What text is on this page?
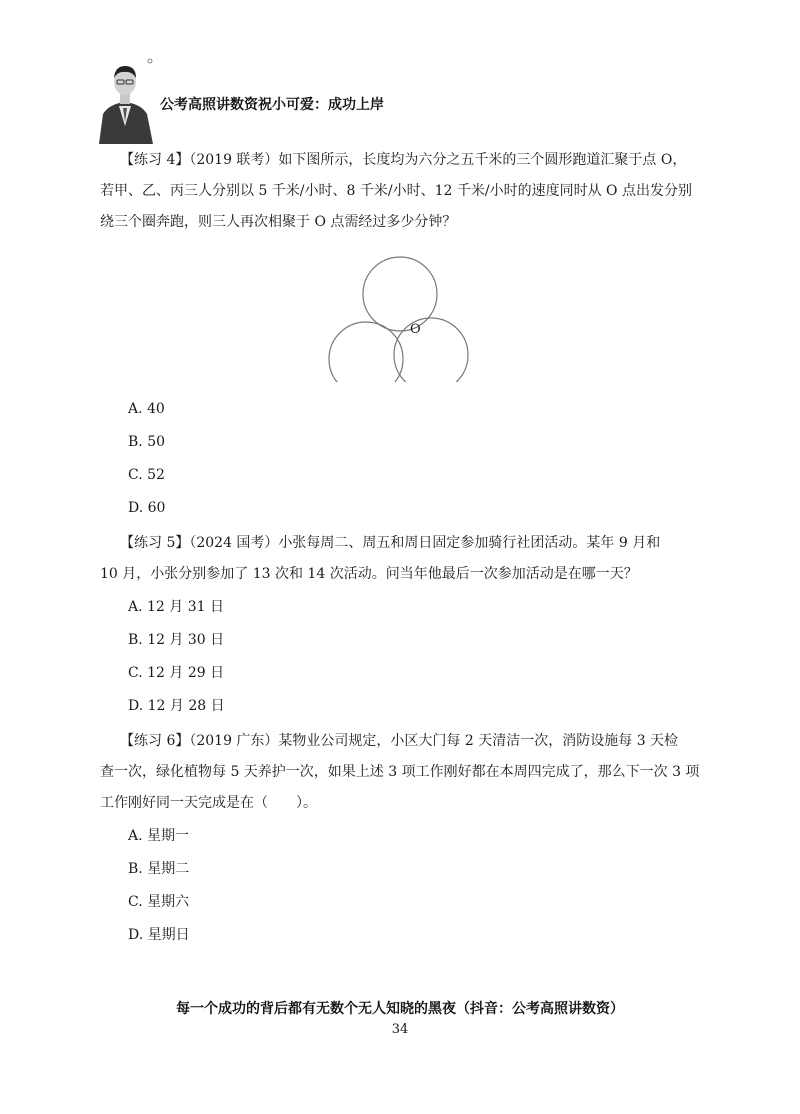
公考高照讲数资祝小可爱：成功上岸

【练习 4】（2019 联考）如下图所示，长度均为六分之五千米的三个圆形跑道汇聚于点 O，

若甲、乙、丙三人分别以 5 千米/小时、8 千米/小时、12 千米/小时的速度同时从 O 点出发分别

绕三个圈奔跑，则三人再次相聚于 O 点需经过多少分钟？

O
A. 40
B. 50
C. 52
D. 60

【练习 5】（2024 国考）小张每周二、周五和周日固定参加骑行社团活动。某年 9 月和

10 月，小张分别参加了 13 次和 14 次活动。问当年他最后一次参加活动是在哪一天？

A. 12 月 31 日
B. 12 月 30 日
C. 12 月 29 日
D. 12 月 28 日

【练习 6】（2019 广东）某物业公司规定，小区大门每 2 天清洁一次，消防设施每 3 天检

查一次，绿化植物每 5 天养护一次，如果上述 3 项工作刚好都在本周四完成了，那么下一次 3 项

工作刚好同一天完成是在（　　）。

A. 星期一
B. 星期二
C. 星期六
D. 星期日
每一个成功的背后都有无数个无人知晓的黑夜（抖音：公考高照讲数资）
34
